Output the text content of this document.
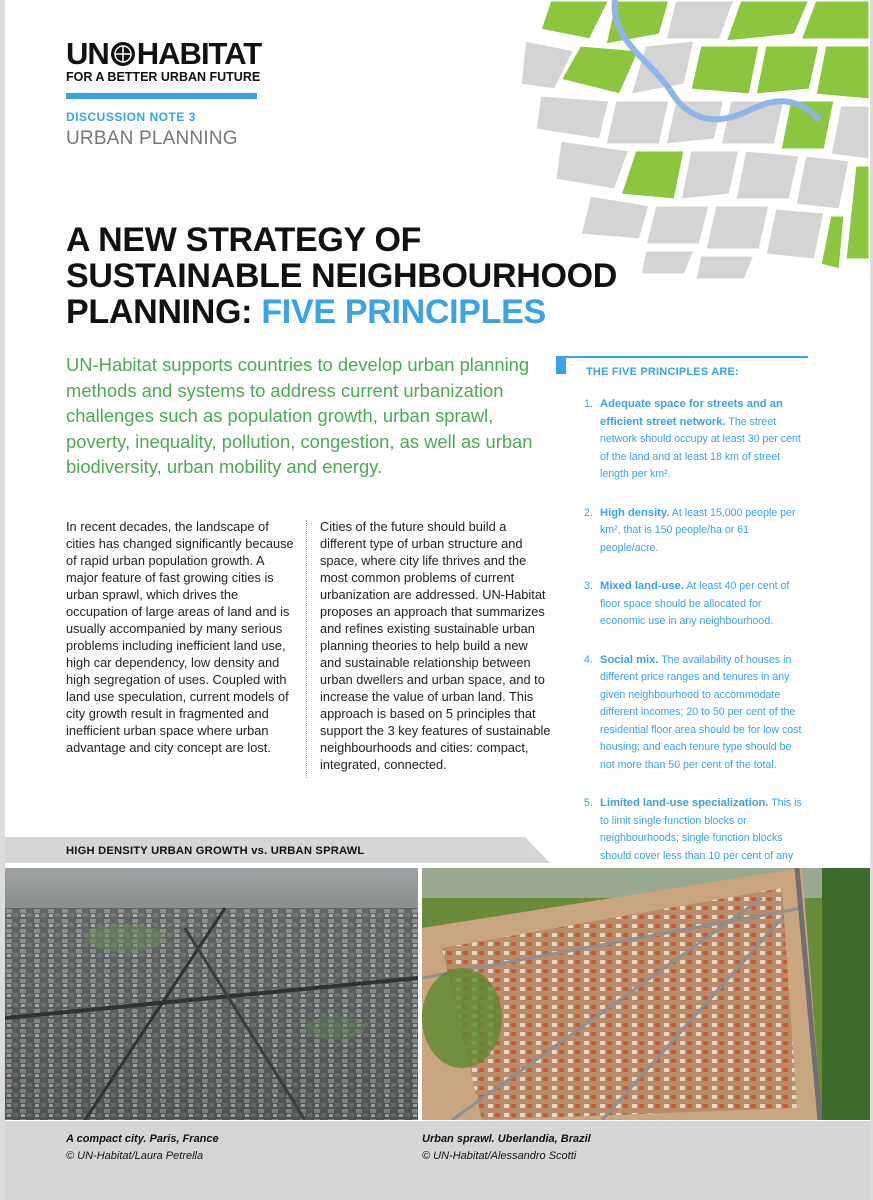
UN HABITAT
FOR A BETTER URBAN FUTURE
DISCUSSION NOTE 3
URBAN PLANNING
A NEW STRATEGY OF
SUSTAINABLE NEIGHBOURHOOD
PLANNING: FIVE PRINCIPLES
UN-Habitat supports countries to develop urban planning methods and systems to address current urbanization challenges such as population growth, urban sprawl, poverty, inequality, pollution, congestion, as well as urban biodiversity, urban mobility and energy.
In recent decades, the landscape of cities has changed significantly because of rapid urban population growth. A major feature of fast growing cities is urban sprawl, which drives the occupation of large areas of land and is usually accompanied by many serious problems including inefficient land use, high car dependency, low density and high segregation of uses. Coupled with land use speculation, current models of city growth result in fragmented and inefficient urban space where urban advantage and city concept are lost.
Cities of the future should build a different type of urban structure and space, where city life thrives and the most common problems of current urbanization are addressed. UN-Habitat proposes an approach that summarizes and refines existing sustainable urban planning theories to help build a new and sustainable relationship between urban dwellers and urban space, and to increase the value of urban land. This approach is based on 5 principles that support the 3 key features of sustainable neighbourhoods and cities: compact, integrated, connected.
THE FIVE PRINCIPLES ARE:
1. Adequate space for streets and an efficient street network. The street network should occupy at least 30 per cent of the land and at least 18 km of street length per km².
2. High density. At least 15,000 people per km², that is 150 people/ha or 61 people/acre.
3. Mixed land-use. At least 40 per cent of floor space should be allocated for economic use in any neighbourhood.
4. Social mix. The availability of houses in different price ranges and tenures in any given neighbourhood to accommodate different incomes; 20 to 50 per cent of the residential floor area should be for low cost housing; and each tenure type should be not more than 50 per cent of the total.
5. Limited land-use specialization. This is to limit single function blocks or neighbourhoods; single function blocks should cover less than 10 per cent of any
HIGH DENSITY URBAN GROWTH vs. URBAN SPRAWL
A compact city. Paris, France
© UN-Habitat/Laura Petrella
Urban sprawl. Uberlandia, Brazil
© UN-Habitat/Alessandro Scotti
